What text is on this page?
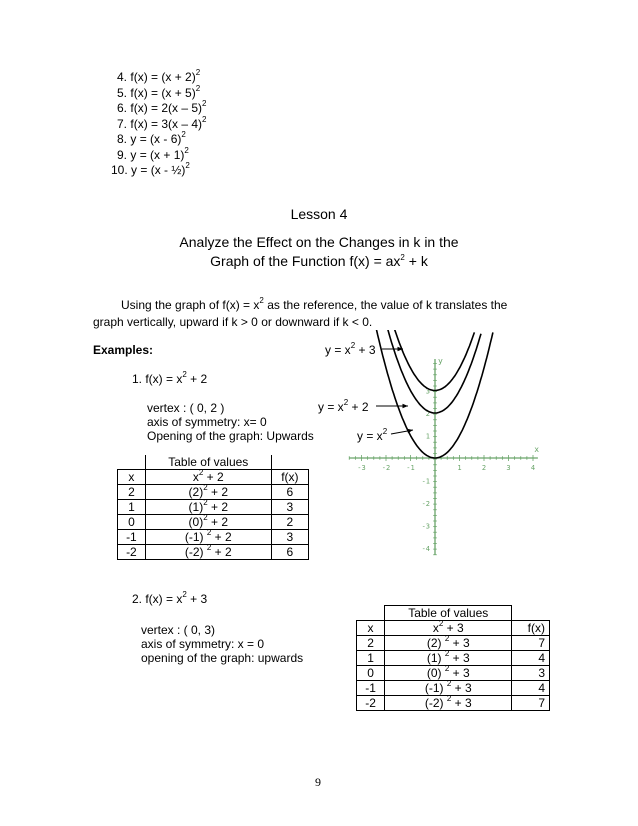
4. $f(x) = (x + 2)^2$
5. $f(x) = (x + 5)^2$
6. f(x) = 2(x – 5)$^2$
7. f(x) = 3(x – 4)$^2$
8. y = (x - 6)$^2$
9. $y = (x + 1)^2$
10. y = (x - ½)$^2$
Lesson 4
Analyze the Effect on the Changes in k in the
Graph of the Function $f(x) = ax^2 + k$
Using the graph of $f(x) = x^2$ as the reference, the value of k translates the
graph vertically, upward if k > 0 or downward if k < 0.
Examples:
1. $f(x) = x^2 + 2$
vertex : ( 0, 2 )
axis of symmetry: x= 0
Opening of the graph: Upwards
	Table of values	
x	$x^2 + 2$	f(x)
2	$(2)^2 + 2$	6
1	$(1)^2 + 2$	3
0	$(0)^2 + 2$	2
-1	(-1) $^2$ + 2	3
-2	(-2) $^2$ + 2	6
-3 -2 -1	1	2	3	4
3
2
1
-1
-2
-3
-4
x
y
$y = x^2 + 3$
$y = x^2 + 2$
$y = x^2$
2. $f(x) = x^2 + 3$
vertex : ( 0, 3)
axis of symmetry: x = 0
opening of the graph: upwards
	Table of values	
x	$x^2 + 3$	f(x)
2	(2) $^2$ + 3	7
1	(1) $^2$ + 3	4
0	(0) $^2$ + 3	3
-1	(-1) $^2$ + 3	4
-2	(-2) $^2$ + 3	7
9
